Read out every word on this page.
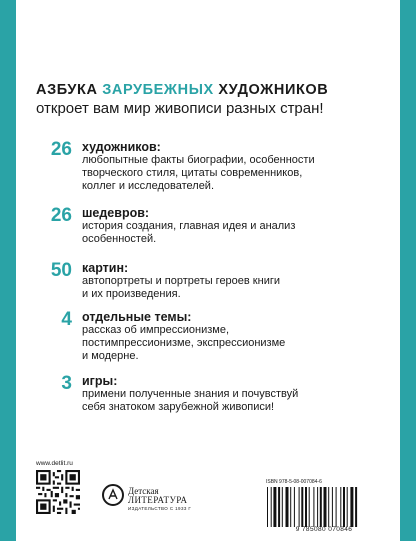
АЗБУКА ЗАРУБЕЖНЫХ ХУДОЖНИКОВ
откроет вам мир живописи разных стран!
26 художников:
любопытные факты биографии, особенности
творческого стиля, цитаты современников,
коллег и исследователей.
26 шедевров:
история создания, главная идея и анализ
особенностей.
50 картин:
автопортреты и портреты героев книги
и их произведения.
4 отдельные темы:
рассказ об импрессионизме,
постимпрессионизме, экспрессионизме
и модерне.
3 игры:
примени полученные знания и почувствуй
себя знатоком зарубежной живописи!
www.detlit.ru
Детская
ЛИТЕРАТУРА
ИЗДАТЕЛЬСТВО С 1933 Г
ISBN 978-5-08-007084-6
9 785080 070846
